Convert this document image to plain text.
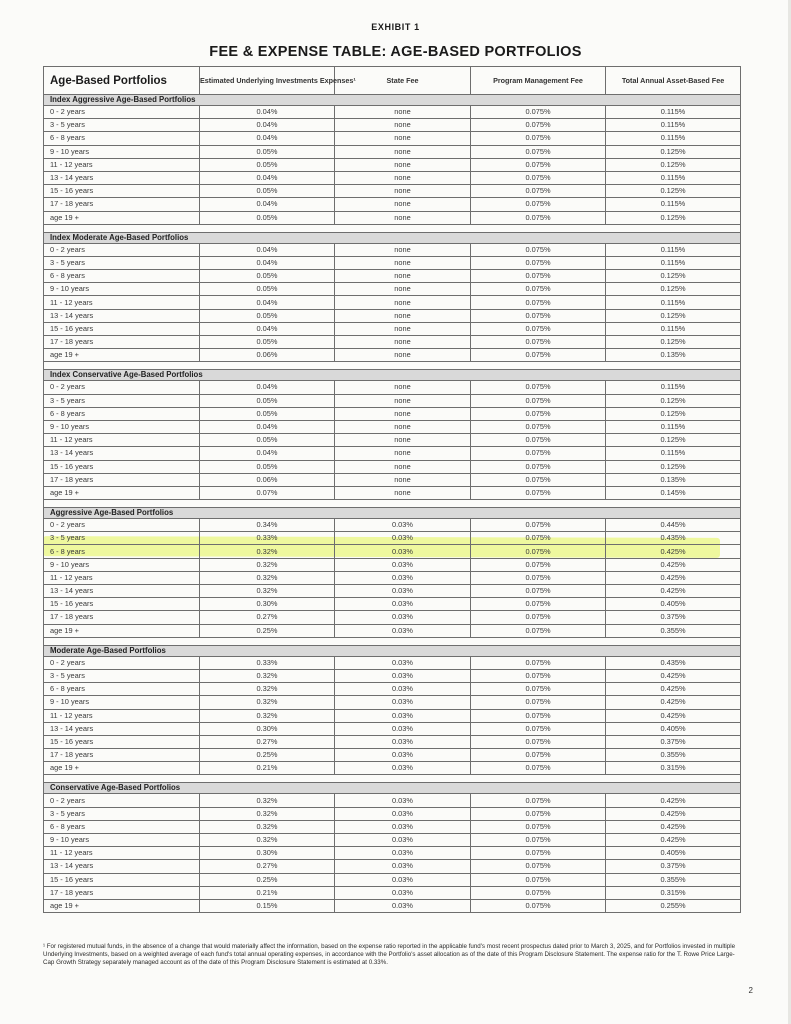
EXHIBIT 1
FEE & EXPENSE TABLE: AGE-BASED PORTFOLIOS
Age-Based Portfolios	Estimated Underlying Investments Expenses¹	State Fee	Program Management Fee	Total Annual Asset-Based Fee
Index Aggressive Age-Based Portfolios				
0 - 2 years	0.04%	none	0.075%	0.115%
3 - 5 years	0.04%	none	0.075%	0.115%
6 - 8 years	0.04%	none	0.075%	0.115%
9 - 10 years	0.05%	none	0.075%	0.125%
11 - 12 years	0.05%	none	0.075%	0.125%
13 - 14 years	0.04%	none	0.075%	0.115%
15 - 16 years	0.05%	none	0.075%	0.125%
17 - 18 years	0.04%	none	0.075%	0.115%
age 19 +	0.05%	none	0.075%	0.125%

Index Moderate Age-Based Portfolios				
0 - 2 years	0.04%	none	0.075%	0.115%
3 - 5 years	0.04%	none	0.075%	0.115%
6 - 8 years	0.05%	none	0.075%	0.125%
9 - 10 years	0.05%	none	0.075%	0.125%
11 - 12 years	0.04%	none	0.075%	0.115%
13 - 14 years	0.05%	none	0.075%	0.125%
15 - 16 years	0.04%	none	0.075%	0.115%
17 - 18 years	0.05%	none	0.075%	0.125%
age 19 +	0.06%	none	0.075%	0.135%

Index Conservative Age-Based Portfolios				
0 - 2 years	0.04%	none	0.075%	0.115%
3 - 5 years	0.05%	none	0.075%	0.125%
6 - 8 years	0.05%	none	0.075%	0.125%
9 - 10 years	0.04%	none	0.075%	0.115%
11 - 12 years	0.05%	none	0.075%	0.125%
13 - 14 years	0.04%	none	0.075%	0.115%
15 - 16 years	0.05%	none	0.075%	0.125%
17 - 18 years	0.06%	none	0.075%	0.135%
age 19 +	0.07%	none	0.075%	0.145%

Aggressive Age-Based Portfolios				
0 - 2 years	0.34%	0.03%	0.075%	0.445%
3 - 5 years	0.33%	0.03%	0.075%	0.435%
6 - 8 years	0.32%	0.03%	0.075%	0.425%
9 - 10 years	0.32%	0.03%	0.075%	0.425%
11 - 12 years	0.32%	0.03%	0.075%	0.425%
13 - 14 years	0.32%	0.03%	0.075%	0.425%
15 - 16 years	0.30%	0.03%	0.075%	0.405%
17 - 18 years	0.27%	0.03%	0.075%	0.375%
age 19 +	0.25%	0.03%	0.075%	0.355%

Moderate Age-Based Portfolios				
0 - 2 years	0.33%	0.03%	0.075%	0.435%
3 - 5 years	0.32%	0.03%	0.075%	0.425%
6 - 8 years	0.32%	0.03%	0.075%	0.425%
9 - 10 years	0.32%	0.03%	0.075%	0.425%
11 - 12 years	0.32%	0.03%	0.075%	0.425%
13 - 14 years	0.30%	0.03%	0.075%	0.405%
15 - 16 years	0.27%	0.03%	0.075%	0.375%
17 - 18 years	0.25%	0.03%	0.075%	0.355%
age 19 +	0.21%	0.03%	0.075%	0.315%

Conservative Age-Based Portfolios				
0 - 2 years	0.32%	0.03%	0.075%	0.425%
3 - 5 years	0.32%	0.03%	0.075%	0.425%
6 - 8 years	0.32%	0.03%	0.075%	0.425%
9 - 10 years	0.32%	0.03%	0.075%	0.425%
11 - 12 years	0.30%	0.03%	0.075%	0.405%
13 - 14 years	0.27%	0.03%	0.075%	0.375%
15 - 16 years	0.25%	0.03%	0.075%	0.355%
17 - 18 years	0.21%	0.03%	0.075%	0.315%
age 19 +	0.15%	0.03%	0.075%	0.255%
¹ For registered mutual funds, in the absence of a change that would materially affect the information, based on the expense ratio reported in the applicable fund's most recent prospectus dated prior to March 3, 2025, and for Portfolios invested in multiple Underlying Investments, based on a weighted average of each fund's total annual operating expenses, in accordance with the Portfolio's asset allocation as of the date of this Program Disclosure Statement. The expense ratio for the T. Rowe Price Large-Cap Growth Strategy separately managed account as of the date of this Program Disclosure Statement is estimated at 0.33%.
2
